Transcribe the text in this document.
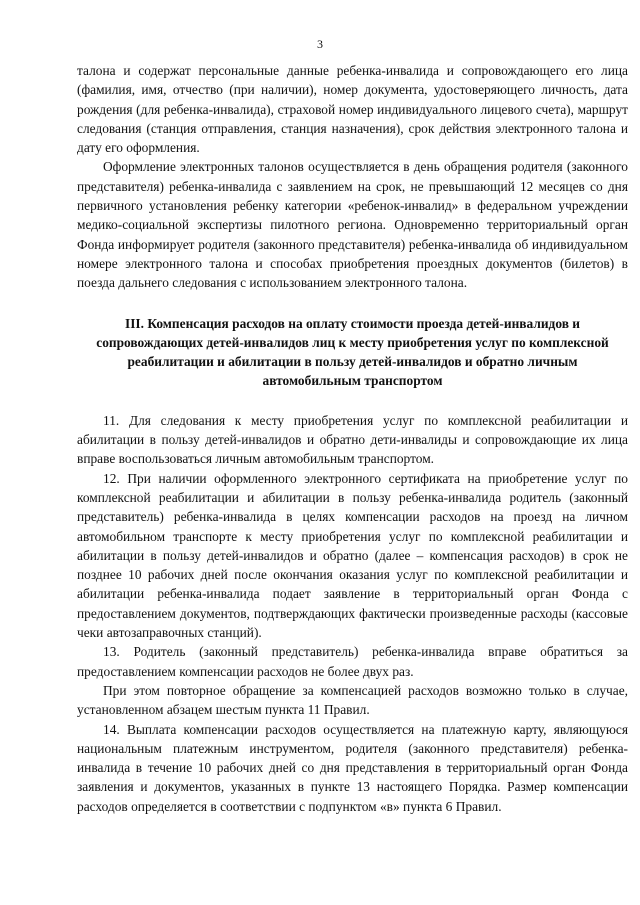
3

талона и содержат персональные данные ребенка-инвалида и сопровождающего его лица (фамилия, имя, отчество (при наличии), номер документа, удостоверяющего личность, дата рождения (для ребенка-инвалида), страховой номер индивидуального лицевого счета), маршрут следования (станция отправления, станция назначения), срок действия электронного талона и дату его оформления.

Оформление электронных талонов осуществляется в день обращения родителя (законного представителя) ребенка-инвалида с заявлением на срок, не превышающий 12 месяцев со дня первичного установления ребенку категории «ребенок-инвалид» в федеральном учреждении медико-социальной экспертизы пилотного региона. Одновременно территориальный орган Фонда информирует родителя (законного представителя) ребенка-инвалида об индивидуальном номере электронного талона и способах приобретения проездных документов (билетов) в поезда дальнего следования с использованием электронного талона.

III. Компенсация расходов на оплату стоимости проезда детей-инвалидов и сопровождающих детей-инвалидов лиц к месту приобретения услуг по комплексной реабилитации и абилитации в пользу детей-инвалидов и обратно личным автомобильным транспортом

11. Для следования к месту приобретения услуг по комплексной реабилитации и абилитации в пользу детей-инвалидов и обратно дети-инвалиды и сопровождающие их лица вправе воспользоваться личным автомобильным транспортом.

12. При наличии оформленного электронного сертификата на приобретение услуг по комплексной реабилитации и абилитации в пользу ребенка-инвалида родитель (законный представитель) ребенка-инвалида в целях компенсации расходов на проезд на личном автомобильном транспорте к месту приобретения услуг по комплексной реабилитации и абилитации в пользу детей-инвалидов и обратно (далее – компенсация расходов) в срок не позднее 10 рабочих дней после окончания оказания услуг по комплексной реабилитации и абилитации ребенка-инвалида подает заявление в территориальный орган Фонда с предоставлением документов, подтверждающих фактически произведенные расходы (кассовые чеки автозаправочных станций).

13. Родитель (законный представитель) ребенка-инвалида вправе обратиться за предоставлением компенсации расходов не более двух раз.

При этом повторное обращение за компенсацией расходов возможно только в случае, установленном абзацем шестым пункта 11 Правил.

14. Выплата компенсации расходов осуществляется на платежную карту, являющуюся национальным платежным инструментом, родителя (законного представителя) ребенка-инвалида в течение 10 рабочих дней со дня представления в территориальный орган Фонда заявления и документов, указанных в пункте 13 настоящего Порядка. Размер компенсации расходов определяется в соответствии с подпунктом «в» пункта 6 Правил.
